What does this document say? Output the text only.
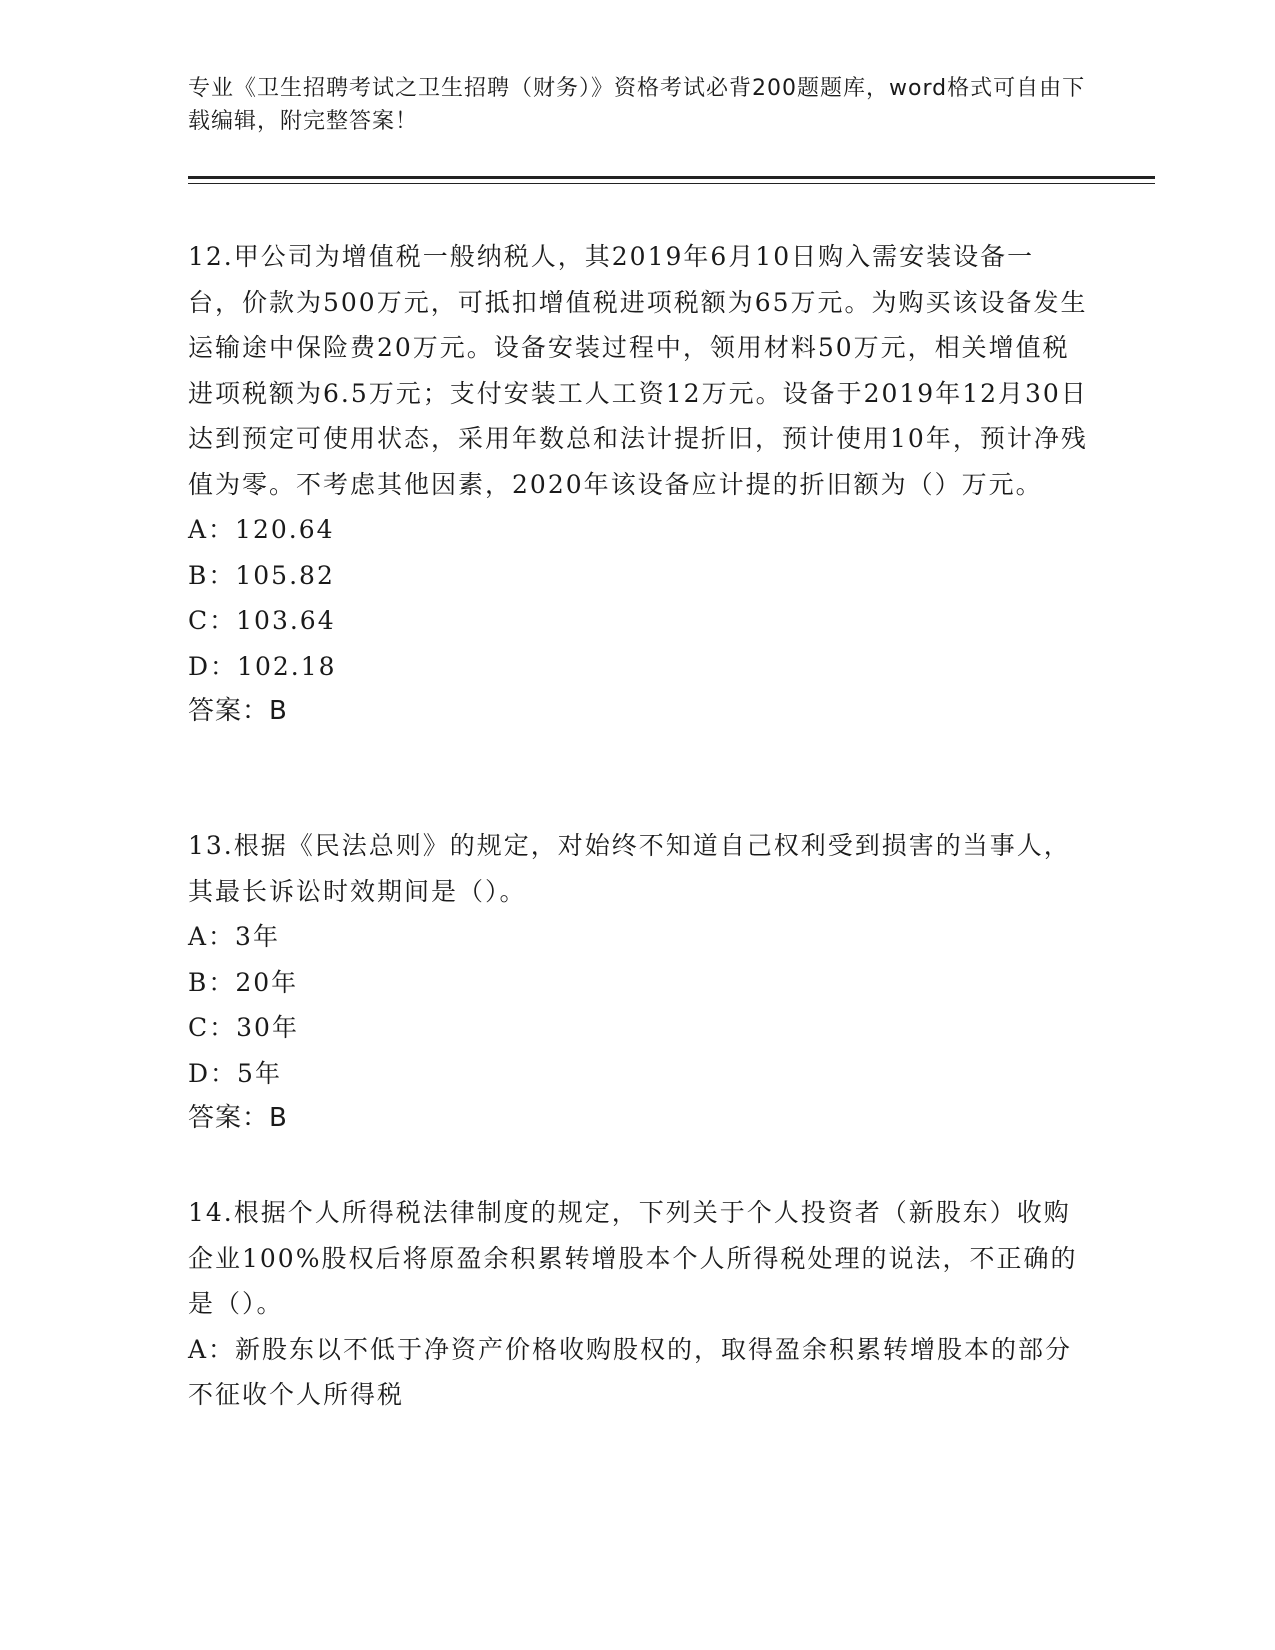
专业《卫生招聘考试之卫生招聘（财务）》资格考试必背200题题库，word格式可自由下载编辑，附完整答案！

12.甲公司为增值税一般纳税人，其2019年6月10日购入需安装设备一台，价款为500万元，可抵扣增值税进项税额为65万元。为购买该设备发生运输途中保险费20万元。设备安装过程中，领用材料50万元，相关增值税进项税额为6.5万元；支付安装工人工资12万元。设备于2019年12月30日达到预定可使用状态，采用年数总和法计提折旧，预计使用10年，预计净残值为零。不考虑其他因素，2020年该设备应计提的折旧额为（）万元。

A：120.64

B：105.82

C：103.64

D：102.18

答案：B

13.根据《民法总则》的规定，对始终不知道自己权利受到损害的当事人，其最长诉讼时效期间是（）。

A：3年

B：20年

C：30年

D：5年

答案：B

14.根据个人所得税法律制度的规定，下列关于个人投资者（新股东）收购企业100%股权后将原盈余积累转增股本个人所得税处理的说法，不正确的是（）。

A：新股东以不低于净资产价格收购股权的，取得盈余积累转增股本的部分不征收个人所得税
